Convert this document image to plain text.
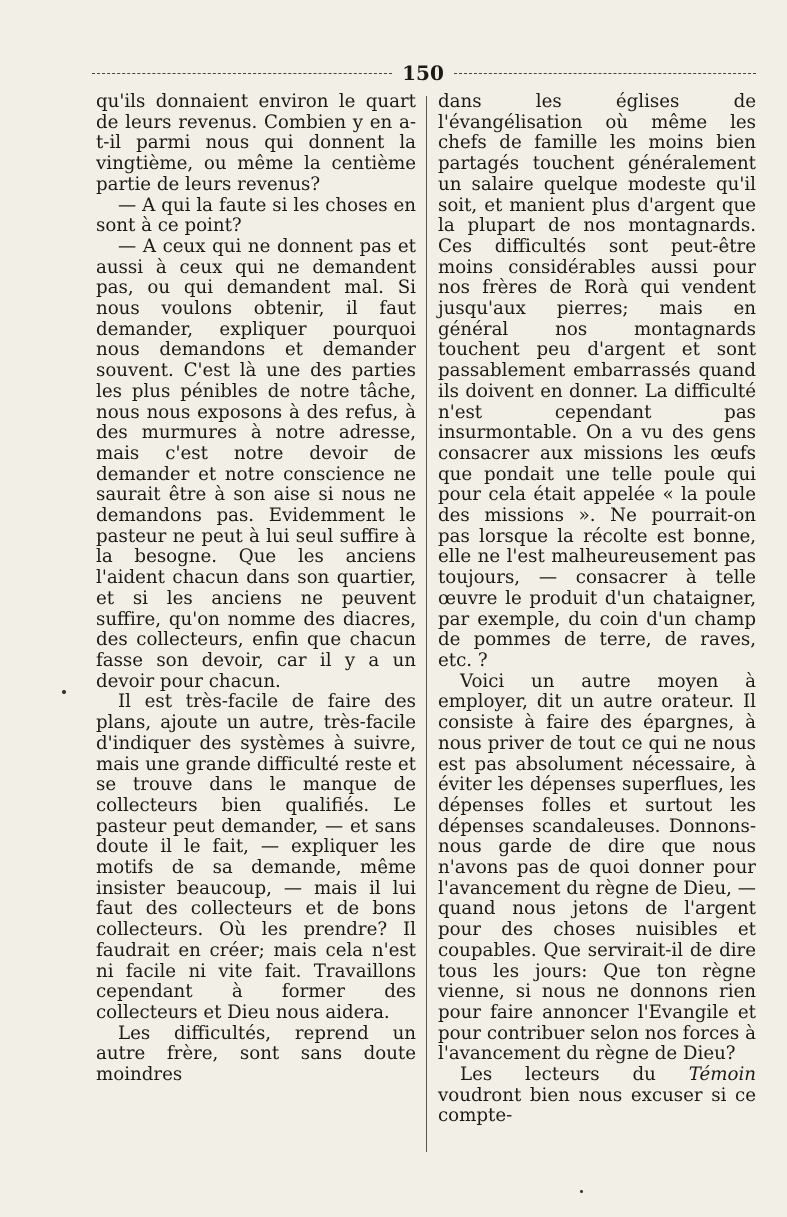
150

qu'ils donnaient environ le quart de leurs revenus. Combien y en a-t-il parmi nous qui donnent la vingtième, ou même la centième partie de leurs revenus?

— A qui la faute si les choses en sont à ce point?

— A ceux qui ne donnent pas et aussi à ceux qui ne demandent pas, ou qui demandent mal. Si nous voulons obtenir, il faut demander, expliquer pourquoi nous demandons et demander souvent. C'est là une des parties les plus pénibles de notre tâche, nous nous exposons à des refus, à des murmures à notre adresse, mais c'est notre devoir de demander et notre conscience ne saurait être à son aise si nous ne demandons pas. Evidemment le pasteur ne peut à lui seul suffire à la besogne. Que les anciens l'aident chacun dans son quartier, et si les anciens ne peuvent suffire, qu'on nomme des diacres, des collecteurs, enfin que chacun fasse son devoir, car il y a un devoir pour chacun.

Il est très-facile de faire des plans, ajoute un autre, très-facile d'indiquer des systèmes à suivre, mais une grande difficulté reste et se trouve dans le manque de collecteurs bien qualifiés. Le pasteur peut demander, — et sans doute il le fait, — expliquer les motifs de sa demande, même insister beaucoup, — mais il lui faut des collecteurs et de bons collecteurs. Où les prendre? Il faudrait en créer; mais cela n'est ni facile ni vite fait. Travaillons cependant à former des collecteurs et Dieu nous aidera.

Les difficultés, reprend un autre frère, sont sans doute moindres

dans les églises de l'évangélisation où même les chefs de famille les moins bien partagés touchent généralement un salaire quelque modeste qu'il soit, et manient plus d'argent que la plupart de nos montagnards. Ces difficultés sont peut-être moins considérables aussi pour nos frères de Rorà qui vendent jusqu'aux pierres; mais en général nos montagnards touchent peu d'argent et sont passablement embarrassés quand ils doivent en donner. La difficulté n'est cependant pas insurmontable. On a vu des gens consacrer aux missions les œufs que pondait une telle poule qui pour cela était appelée « la poule des missions ». Ne pourrait-on pas lorsque la récolte est bonne, elle ne l'est malheureusement pas toujours, — consacrer à telle œuvre le produit d'un chataigner, par exemple, du coin d'un champ de pommes de terre, de raves, etc. ?

Voici un autre moyen à employer, dit un autre orateur. Il consiste à faire des épargnes, à nous priver de tout ce qui ne nous est pas absolument nécessaire, à éviter les dépenses superflues, les dépenses folles et surtout les dépenses scandaleuses. Donnons-nous garde de dire que nous n'avons pas de quoi donner pour l'avancement du règne de Dieu, — quand nous jetons de l'argent pour des choses nuisibles et coupables. Que servirait-il de dire tous les jours: Que ton règne vienne, si nous ne donnons rien pour faire annoncer l'Evangile et pour contribuer selon nos forces à l'avancement du règne de Dieu?

Les lecteurs du Témoin voudront bien nous excuser si ce compte-
